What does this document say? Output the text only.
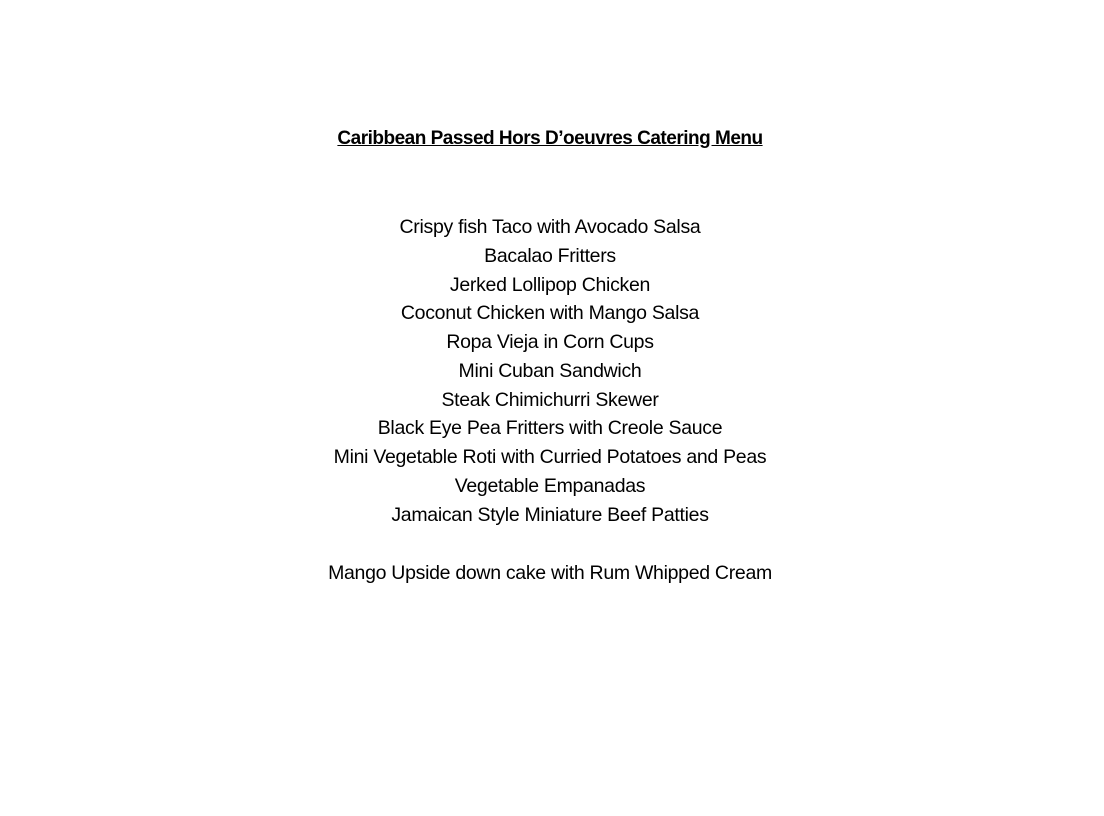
Caribbean Passed Hors D’oeuvres Catering Menu
Crispy fish Taco with Avocado Salsa
Bacalao Fritters
Jerked Lollipop Chicken
Coconut Chicken with Mango Salsa
Ropa Vieja in Corn Cups
Mini Cuban Sandwich
Steak Chimichurri Skewer
Black Eye Pea Fritters with Creole Sauce
Mini Vegetable Roti with Curried Potatoes and Peas
Vegetable Empanadas
Jamaican Style Miniature Beef Patties
Mango Upside down cake with Rum Whipped Cream
